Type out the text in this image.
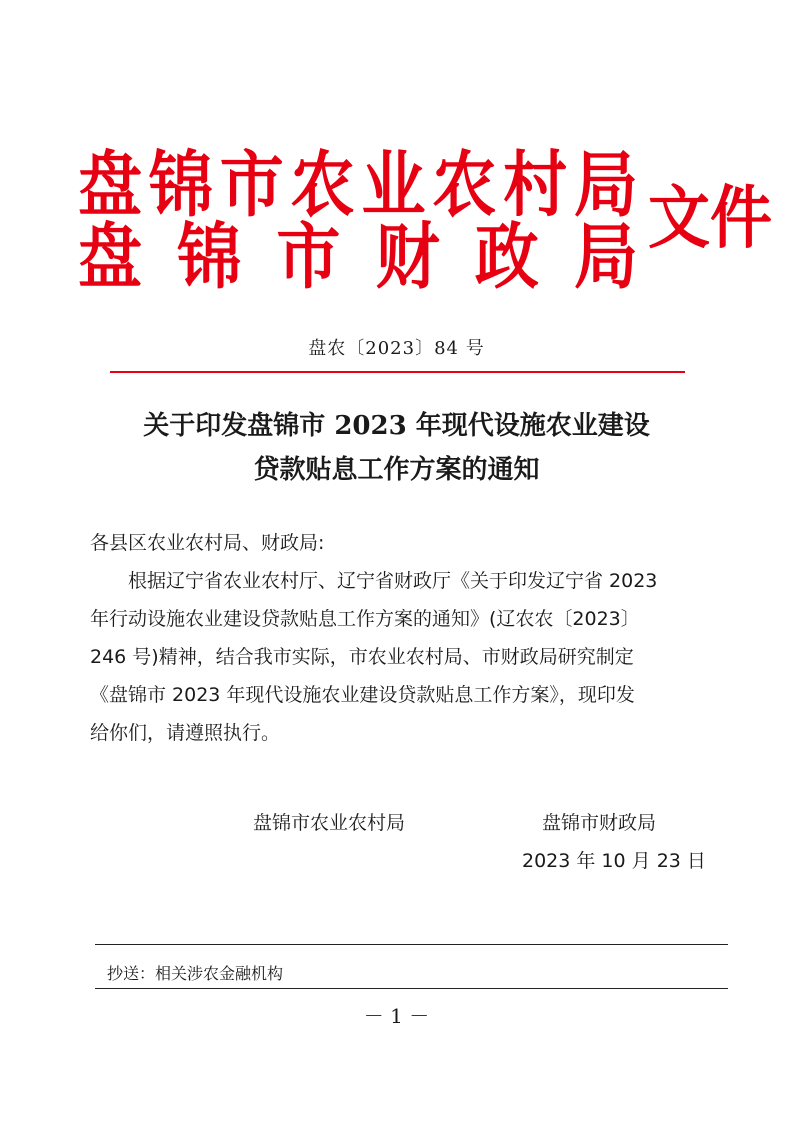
盘 锦 市 农 业 农 村 局
盘 锦 市 财 政 局 文件
盘农〔2023〕84 号
关于印发盘锦市 2023 年现代设施农业建设
贷款贴息工作方案的通知
各县区农业农村局、财政局:
根据辽宁省农业农村厅、辽宁省财政厅《关于印发辽宁省 2023
年行动设施农业建设贷款贴息工作方案的通知》(辽农农〔2023〕
246 号)精神，结合我市实际，市农业农村局、市财政局研究制定
《盘锦市 2023 年现代设施农业建设贷款贴息工作方案》，现印发
给你们，请遵照执行。
盘锦市农业农村局	盘锦市财政局
2023 年 10 月 23 日
抄送：相关涉农金融机构
－ 1 －
